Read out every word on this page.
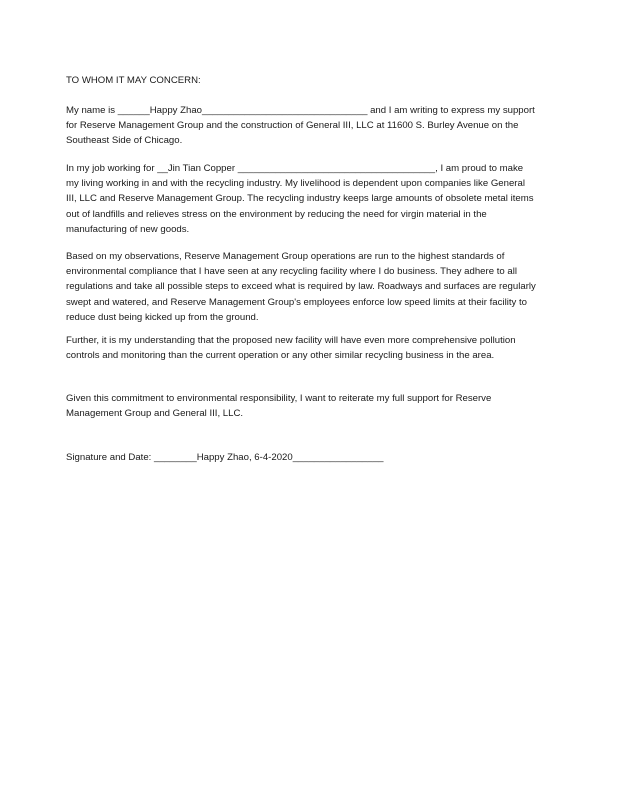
TO WHOM IT MAY CONCERN:

My name is ______Happy Zhao_______________________________ and I am writing to express my support for Reserve Management Group and the construction of General III, LLC at 11600 S. Burley Avenue on the Southeast Side of Chicago.

In my job working for __Jin Tian Copper _____________________________________, I am proud to make my living working in and with the recycling industry. My livelihood is dependent upon companies like General III, LLC and Reserve Management Group. The recycling industry keeps large amounts of obsolete metal items out of landfills and relieves stress on the environment by reducing the need for virgin material in the manufacturing of new goods.

Based on my observations, Reserve Management Group operations are run to the highest standards of environmental compliance that I have seen at any recycling facility where I do business. They adhere to all regulations and take all possible steps to exceed what is required by law. Roadways and surfaces are regularly swept and watered, and Reserve Management Group's employees enforce low speed limits at their facility to reduce dust being kicked up from the ground.

Further, it is my understanding that the proposed new facility will have even more comprehensive pollution controls and monitoring than the current operation or any other similar recycling business in the area.

Given this commitment to environmental responsibility, I want to reiterate my full support for Reserve Management Group and General III, LLC.

Signature and Date: ________Happy Zhao, 6-4-2020_________________
